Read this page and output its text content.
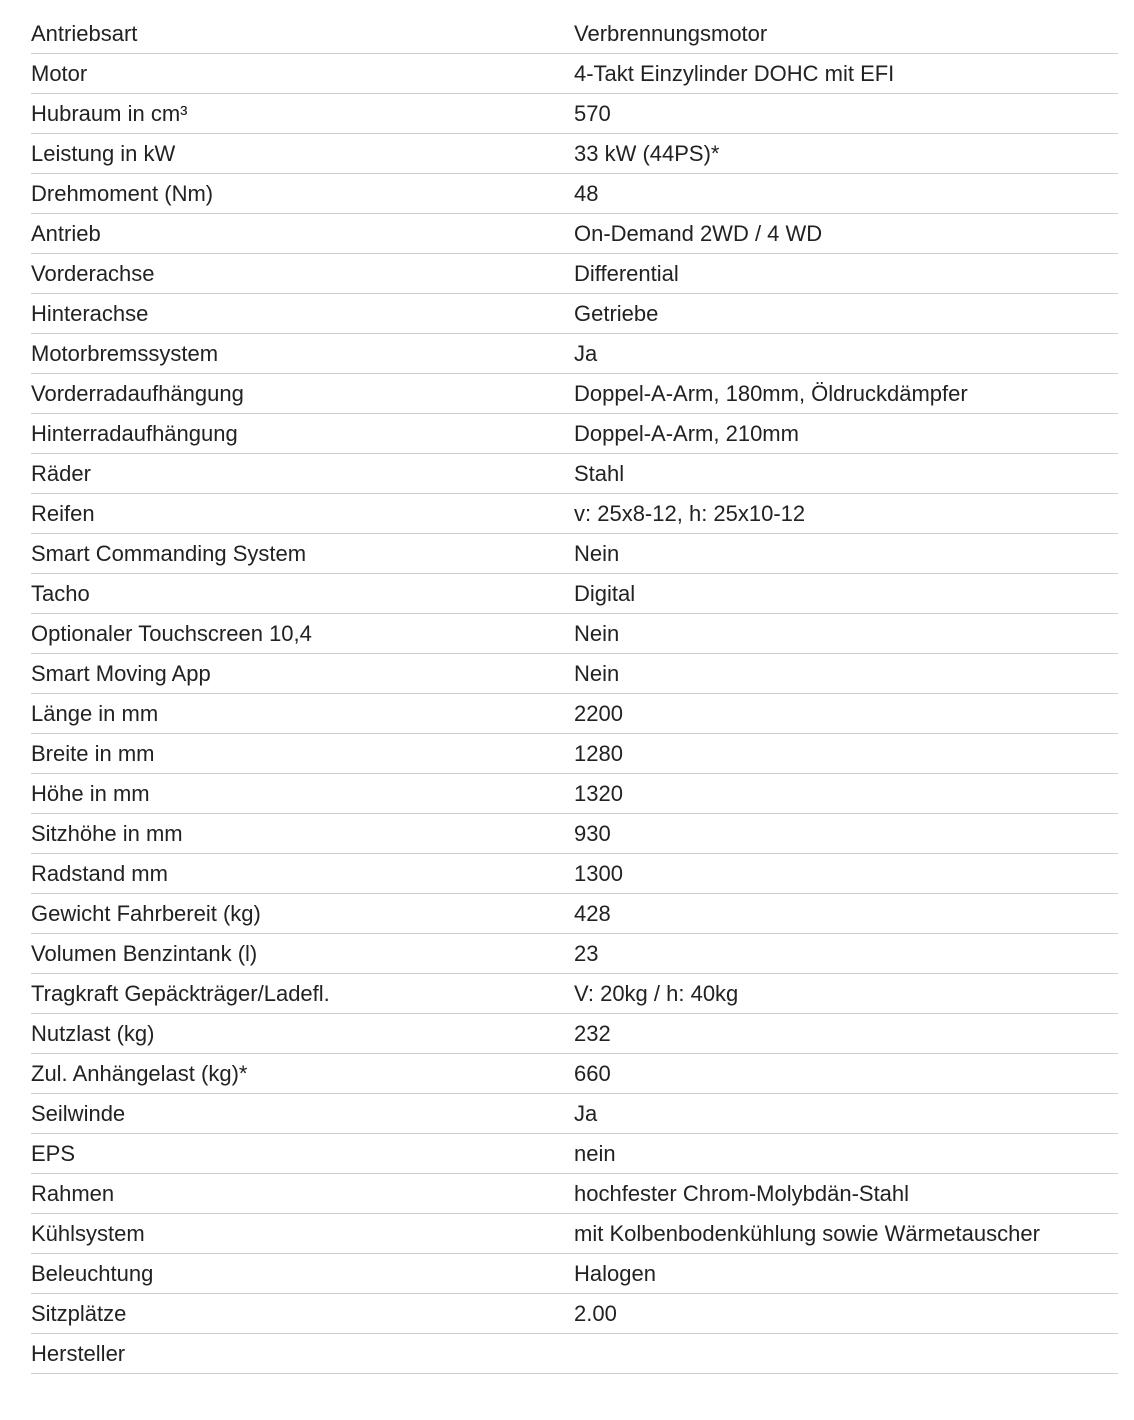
Antriebsart	Verbrennungsmotor
Motor	4-Takt Einzylinder DOHC mit EFI
Hubraum in cm³	570
Leistung in kW	33 kW (44PS)*
Drehmoment (Nm)	48
Antrieb	On-Demand 2WD / 4 WD
Vorderachse	Differential
Hinterachse	Getriebe
Motorbremssystem	Ja
Vorderradaufhängung	Doppel-A-Arm, 180mm, Öldruckdämpfer
Hinterradaufhängung	Doppel-A-Arm, 210mm
Räder	Stahl
Reifen	v: 25x8-12, h: 25x10-12
Smart Commanding System	Nein
Tacho	Digital
Optionaler Touchscreen 10,4	Nein
Smart Moving App	Nein
Länge in mm	2200
Breite in mm	1280
Höhe in mm	1320
Sitzhöhe in mm	930
Radstand mm	1300
Gewicht Fahrbereit (kg)	428
Volumen Benzintank (l)	23
Tragkraft Gepäckträger/Ladefl.	V: 20kg / h: 40kg
Nutzlast (kg)	232
Zul. Anhängelast (kg)*	660
Seilwinde	Ja
EPS	nein
Rahmen	hochfester Chrom-Molybdän-Stahl
Kühlsystem	mit Kolbenbodenkühlung sowie Wärmetauscher
Beleuchtung	Halogen
Sitzplätze	2.00
Hersteller
